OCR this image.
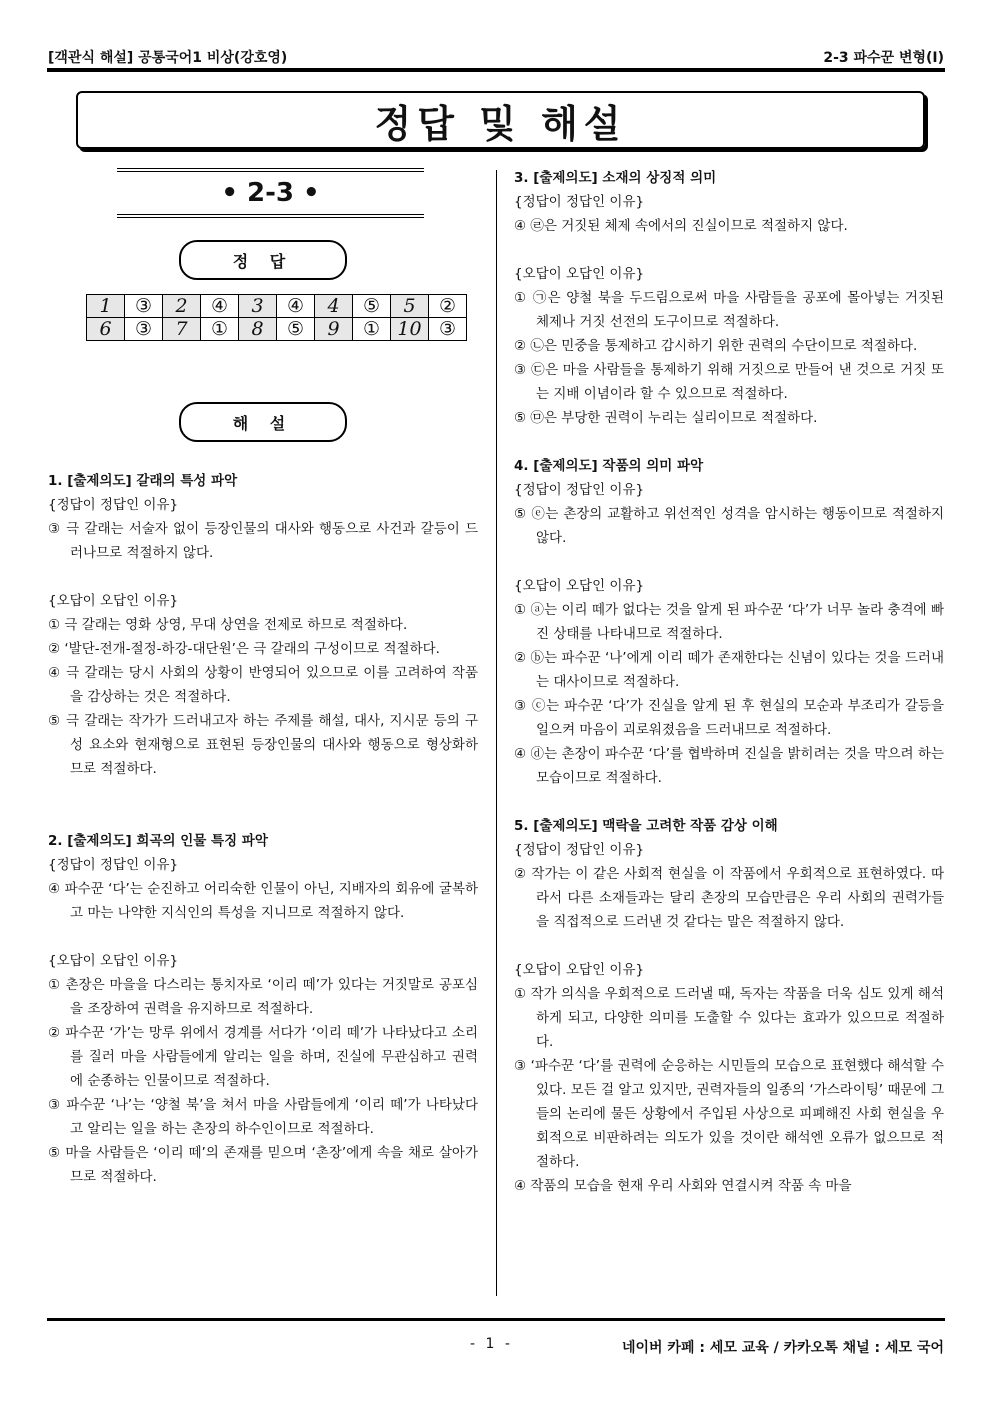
[객관식 해설] 공통국어1 비상(강호영)	2-3 파수꾼 변형(I)
정답 및 해설
• 2-3 •
정 답
1	③	2	④	3	④	4	⑤	5	②
6	③	7	①	8	⑤	9	①	10	③
해 설
1. [출제의도] 갈래의 특성 파악
{정답이 정답인 이유}
③ 극 갈래는 서술자 없이 등장인물의 대사와 행동으로 사건과 갈등이 드러나므로 적절하지 않다.
{오답이 오답인 이유}
① 극 갈래는 영화 상영, 무대 상연을 전제로 하므로 적절하다.
② ‘발단-전개-절정-하강-대단원’은 극 갈래의 구성이므로 적절하다.
④ 극 갈래는 당시 사회의 상황이 반영되어 있으므로 이를 고려하여 작품을 감상하는 것은 적절하다.
⑤ 극 갈래는 작가가 드러내고자 하는 주제를 해설, 대사, 지시문 등의 구성 요소와 현재형으로 표현된 등장인물의 대사와 행동으로 형상화하므로 적절하다.
2. [출제의도] 희곡의 인물 특징 파악
{정답이 정답인 이유}
④ 파수꾼 ‘다’는 순진하고 어리숙한 인물이 아닌, 지배자의 회유에 굴복하고 마는 나약한 지식인의 특성을 지니므로 적절하지 않다.
{오답이 오답인 이유}
① 촌장은 마을을 다스리는 통치자로 ‘이리 떼’가 있다는 거짓말로 공포심을 조장하여 권력을 유지하므로 적절하다.
② 파수꾼 ‘가’는 망루 위에서 경계를 서다가 ‘이리 떼’가 나타났다고 소리를 질러 마을 사람들에게 알리는 일을 하며, 진실에 무관심하고 권력에 순종하는 인물이므로 적절하다.
③ 파수꾼 ‘나’는 ‘양철 북’을 쳐서 마을 사람들에게 ‘이리 떼’가 나타났다고 알리는 일을 하는 촌장의 하수인이므로 적절하다.
⑤ 마을 사람들은 ‘이리 떼’의 존재를 믿으며 ‘촌장’에게 속을 채로 살아가므로 적절하다.
3. [출제의도] 소재의 상징적 의미
{정답이 정답인 이유}
④ ㉣은 거짓된 체제 속에서의 진실이므로 적절하지 않다.
{오답이 오답인 이유}
① ㉠은 양철 북을 두드림으로써 마을 사람들을 공포에 몰아넣는 거짓된 체제나 거짓 선전의 도구이므로 적절하다.
② ㉡은 민중을 통제하고 감시하기 위한 권력의 수단이므로 적절하다.
③ ㉢은 마을 사람들을 통제하기 위해 거짓으로 만들어 낸 것으로 거짓 또는 지배 이념이라 할 수 있으므로 적절하다.
⑤ ㉤은 부당한 권력이 누리는 실리이므로 적절하다.
4. [출제의도] 작품의 의미 파악
{정답이 정답인 이유}
⑤ ⓔ는 촌장의 교활하고 위선적인 성격을 암시하는 행동이므로 적절하지 않다.
{오답이 오답인 이유}
① ⓐ는 이리 떼가 없다는 것을 알게 된 파수꾼 ‘다’가 너무 놀라 충격에 빠진 상태를 나타내므로 적절하다.
② ⓑ는 파수꾼 ‘나’에게 이리 떼가 존재한다는 신념이 있다는 것을 드러내는 대사이므로 적절하다.
③ ⓒ는 파수꾼 ‘다’가 진실을 알게 된 후 현실의 모순과 부조리가 갈등을 일으켜 마음이 괴로워졌음을 드러내므로 적절하다.
④ ⓓ는 촌장이 파수꾼 ‘다’를 협박하며 진실을 밝히려는 것을 막으려 하는 모습이므로 적절하다.
5. [출제의도] 맥락을 고려한 작품 감상 이해
{정답이 정답인 이유}
② 작가는 이 같은 사회적 현실을 이 작품에서 우회적으로 표현하였다. 따라서 다른 소재들과는 달리 촌장의 모습만큼은 우리 사회의 권력가들을 직접적으로 드러낸 것 같다는 말은 적절하지 않다.
{오답이 오답인 이유}
① 작가 의식을 우회적으로 드러낼 때, 독자는 작품을 더욱 심도 있게 해석하게 되고, 다양한 의미를 도출할 수 있다는 효과가 있으므로 적절하다.
③ ‘파수꾼 ‘다’를 권력에 순응하는 시민들의 모습으로 표현했다 해석할 수 있다. 모든 걸 알고 있지만, 권력자들의 일종의 ‘가스라이팅’ 때문에 그들의 논리에 물든 상황에서 주입된 사상으로 피폐해진 사회 현실을 우회적으로 비판하려는 의도가 있을 것이란 해석엔 오류가 없으므로 적절하다.
④ 작품의 모습을 현재 우리 사회와 연결시켜 작품 속 마을
- 1 -	네이버 카페 : 세모 교육 / 카카오톡 채널 : 세모 국어
